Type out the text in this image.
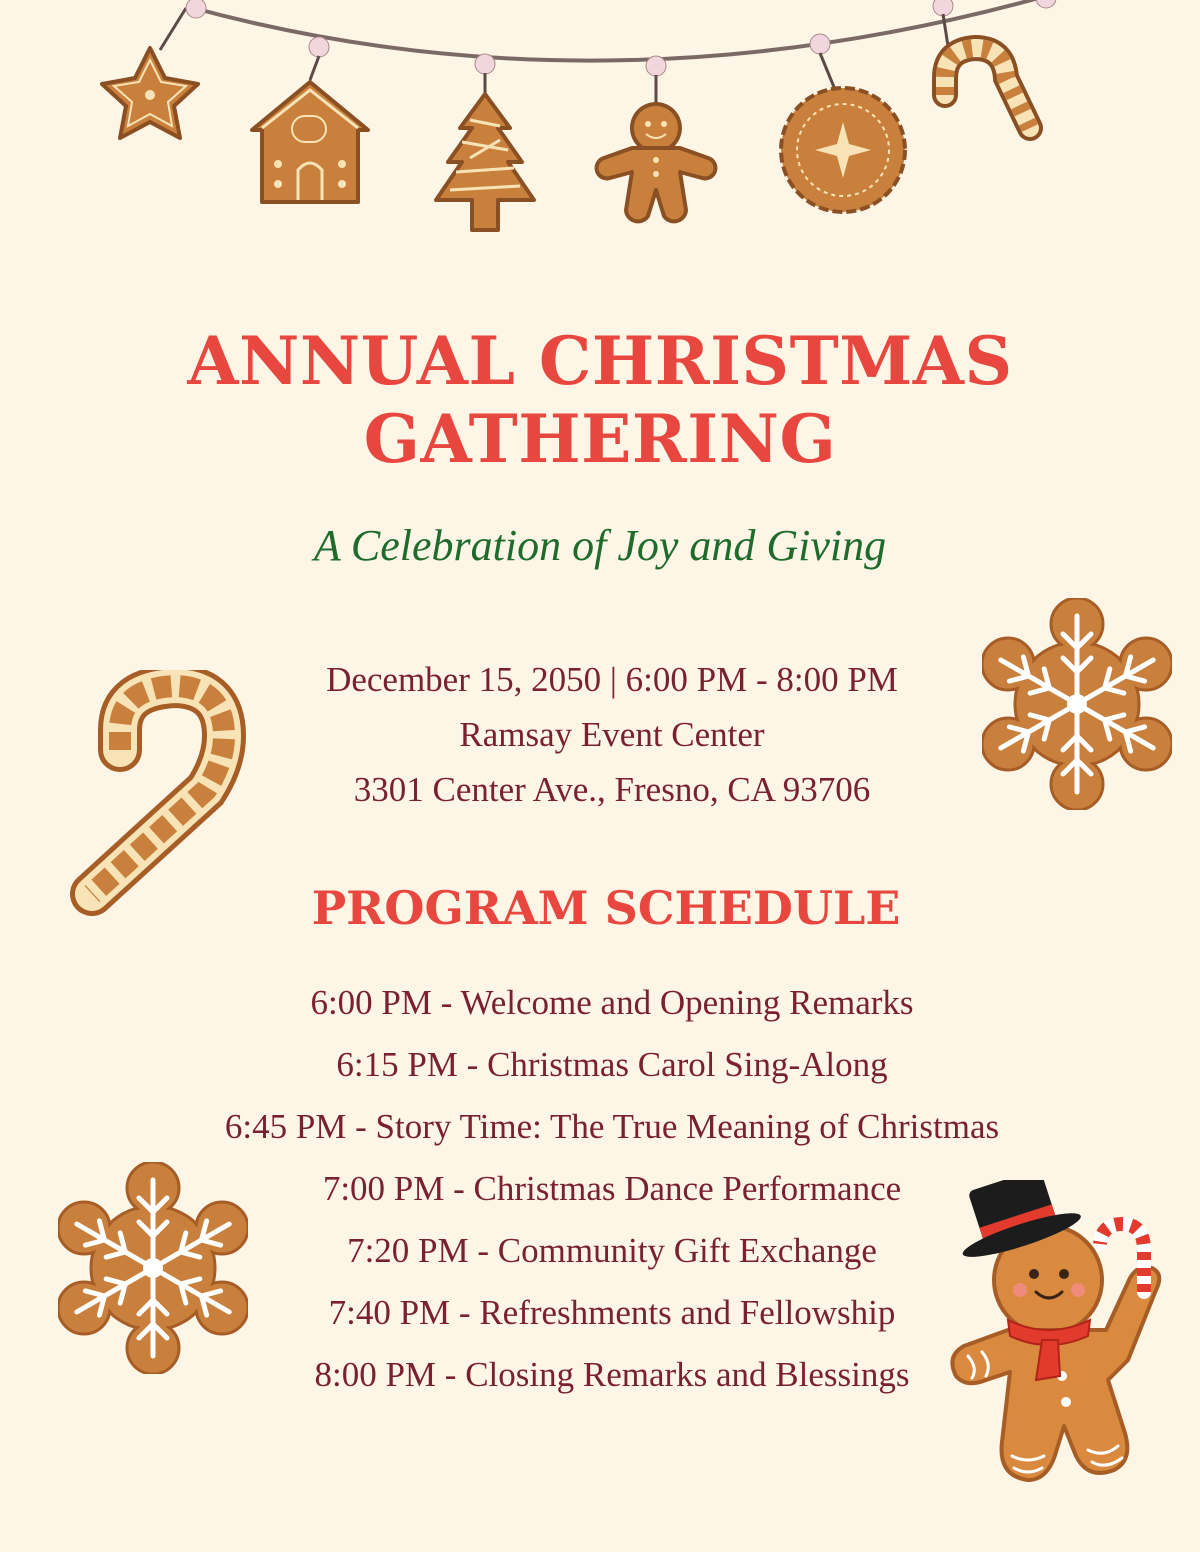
ANNUAL CHRISTMAS
GATHERING
A Celebration of Joy and Giving
December 15, 2050 | 6:00 PM - 8:00 PM
Ramsay Event Center
3301 Center Ave., Fresno, CA 93706
PROGRAM SCHEDULE
6:00 PM - Welcome and Opening Remarks
6:15 PM - Christmas Carol Sing-Along
6:45 PM - Story Time: The True Meaning of Christmas
7:00 PM - Christmas Dance Performance
7:20 PM - Community Gift Exchange
7:40 PM - Refreshments and Fellowship
8:00 PM - Closing Remarks and Blessings
